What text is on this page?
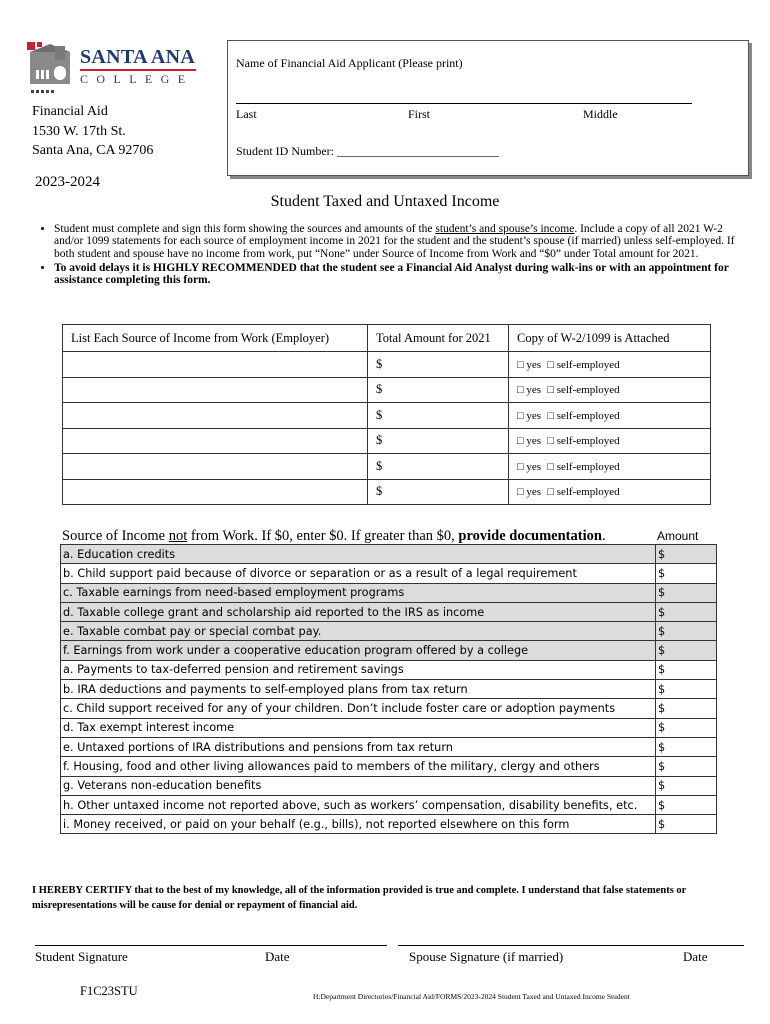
SANTA ANA
COLLEGE
Financial Aid
1530 W. 17th St.
Santa Ana, CA 92706
2023-2024
Name of Financial Aid Applicant (Please print)
Last	First	Middle
Student ID Number: ___________________________
Student Taxed and Untaxed Income
• Student must complete and sign this form showing the sources and amounts of the student’s and spouse’s income. Include a copy of all 2021 W-2 and/or 1099 statements for each source of employment income in 2021 for the student and the student’s spouse (if married) unless self-employed. If both student and spouse have no income from work, put “None” under Source of Income from Work and “$0” under Total amount for 2021.
• To avoid delays it is HIGHLY RECOMMENDED that the student see a Financial Aid Analyst during walk-ins or with an appointment for assistance completing this form.
List Each Source of Income from Work (Employer)	Total Amount for 2021	Copy of W-2/1099 is Attached
	$	□ yes □ self-employed
	$	□ yes □ self-employed
	$	□ yes □ self-employed
	$	□ yes □ self-employed
	$	□ yes □ self-employed
	$	□ yes □ self-employed
Source of Income not from Work. If $0, enter $0. If greater than $0, provide documentation.	Amount
a. Education credits	$
b. Child support paid because of divorce or separation or as a result of a legal requirement	$
c. Taxable earnings from need-based employment programs	$
d. Taxable college grant and scholarship aid reported to the IRS as income	$
e. Taxable combat pay or special combat pay.	$
f. Earnings from work under a cooperative education program offered by a college	$
a. Payments to tax-deferred pension and retirement savings	$
b. IRA deductions and payments to self-employed plans from tax return	$
c. Child support received for any of your children. Don’t include foster care or adoption payments	$
d. Tax exempt interest income	$
e. Untaxed portions of IRA distributions and pensions from tax return	$
f. Housing, food and other living allowances paid to members of the military, clergy and others	$
g. Veterans non-education benefits	$
h. Other untaxed income not reported above, such as workers’ compensation, disability benefits, etc.	$
i. Money received, or paid on your behalf (e.g., bills), not reported elsewhere on this form	$
I HEREBY CERTIFY that to the best of my knowledge, all of the information provided is true and complete. I understand that false statements or misrepresentations will be cause for denial or repayment of financial aid.
Student Signature	Date	Spouse Signature (if married)	Date
F1C23STU	H:Department Directories/Financial Aid/FORMS/2023-2024 Student Taxed and Untaxed Income Student
